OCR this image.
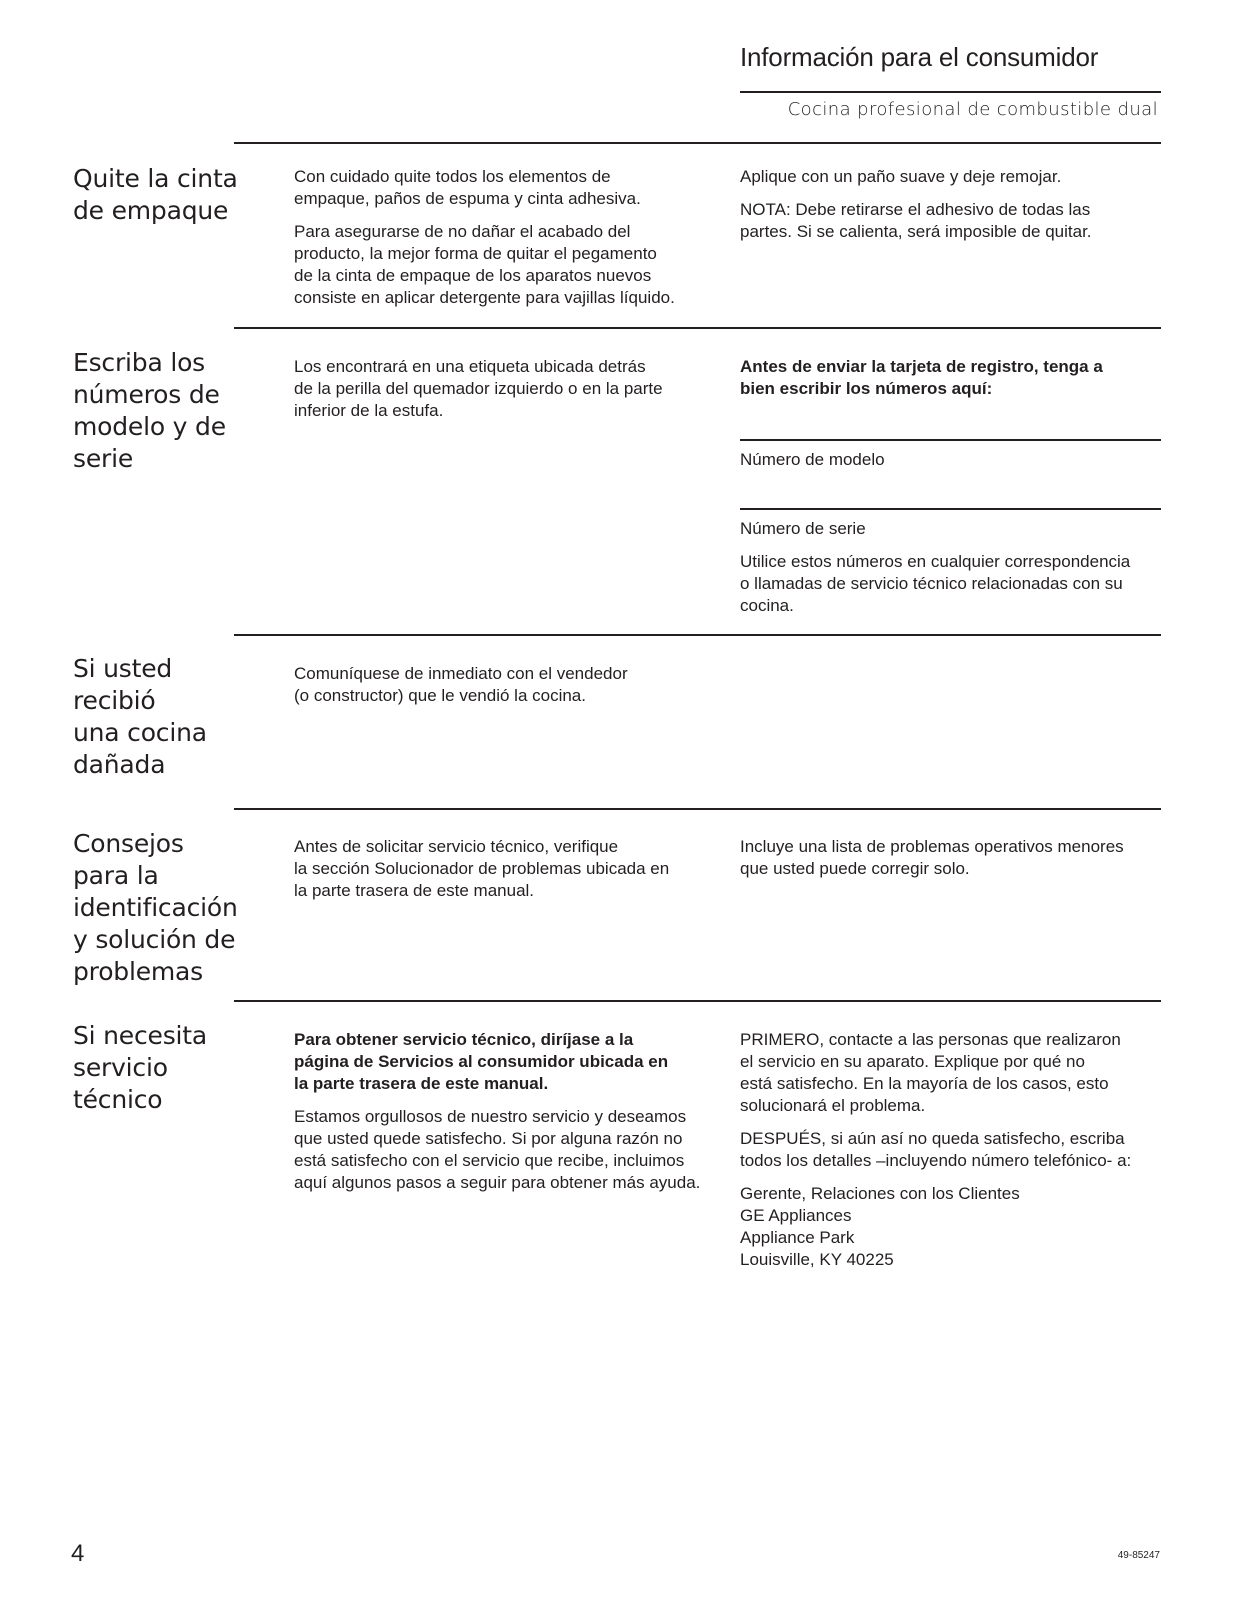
Información para el consumidor
Cocina profesional de combustible dual
Quite la cinta
de empaque

Con cuidado quite todos los elementos de
empaque, paños de espuma y cinta adhesiva.

Para asegurarse de no dañar el acabado del
producto, la mejor forma de quitar el pegamento
de la cinta de empaque de los aparatos nuevos
consiste en aplicar detergente para vajillas líquido.

Aplique con un paño suave y deje remojar.

NOTA: Debe retirarse el adhesivo de todas las
partes. Si se calienta, será imposible de quitar.

Escriba los
números de
modelo y de
serie

Los encontrará en una etiqueta ubicada detrás
de la perilla del quemador izquierdo o en la parte
inferior de la estufa.

Antes de enviar la tarjeta de registro, tenga a
bien escribir los números aquí:

Número de modelo

Número de serie

Utilice estos números en cualquier correspondencia
o llamadas de servicio técnico relacionadas con su
cocina.

Si usted
recibió
una cocina
dañada

Comuníquese de inmediato con el vendedor
(o constructor) que le vendió la cocina.

Consejos
para la
identificación
y solución de
problemas

Antes de solicitar servicio técnico, verifique
la sección Solucionador de problemas ubicada en
la parte trasera de este manual.

Incluye una lista de problemas operativos menores
que usted puede corregir solo.

Si necesita
servicio
técnico

Para obtener servicio técnico, diríjase a la
página de Servicios al consumidor ubicada en
la parte trasera de este manual.

Estamos orgullosos de nuestro servicio y deseamos
que usted quede satisfecho. Si por alguna razón no
está satisfecho con el servicio que recibe, incluimos
aquí algunos pasos a seguir para obtener más ayuda.

PRIMERO, contacte a las personas que realizaron
el servicio en su aparato. Explique por qué no
está satisfecho. En la mayoría de los casos, esto
solucionará el problema.

DESPUÉS, si aún así no queda satisfecho, escriba
todos los detalles –incluyendo número telefónico- a:

Gerente, Relaciones con los Clientes
GE Appliances
Appliance Park
Louisville, KY 40225

4	49-85247
